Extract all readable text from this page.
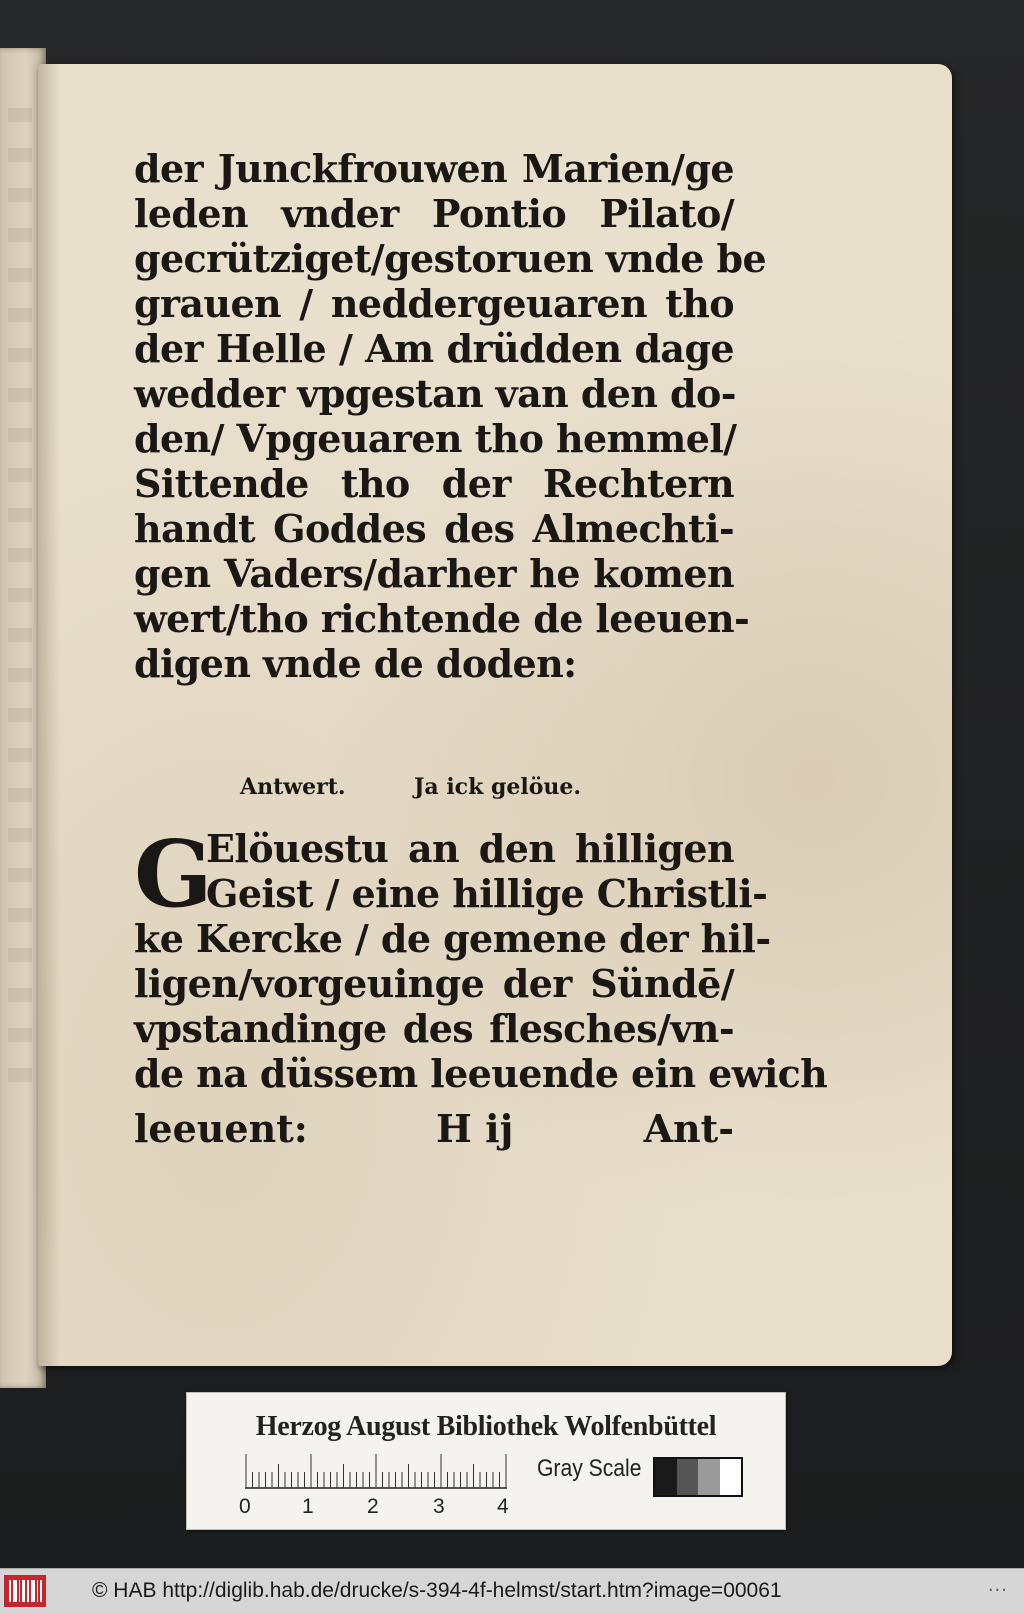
der Junckfrouwen Marien/ge
leden vnder Pontio Pilato/
gecrütziget/gestoruen vnde be
grauen / neddergeuaren tho
der Helle / Am drüdden dage
wedder vpgestan van den do-
den/ Vpgeuaren tho hemmel/
Sittende tho der Rechtern
handt Goddes des Almechti-
gen Vaders/darher he komen
wert/tho richtende de leeuen-
digen vnde de doden:
Antwert.	Ja ick gelöue.
G
Elöuestu an den hilligen
Geist / eine hillige Christli-
ke Kercke / de gemene der hil-
ligen/vorgeuinge der Sündē/
vpstandinge des flesches/vn-
de na düssem leeuende ein ewich
leeuent:	H ij	Ant-
Herzog August Bibliothek Wolfenbüttel
0 1	2	3 4
Gray Scale
© HAB http://diglib.hab.de/drucke/s-394-4f-helmst/start.htm?image=00061	...
